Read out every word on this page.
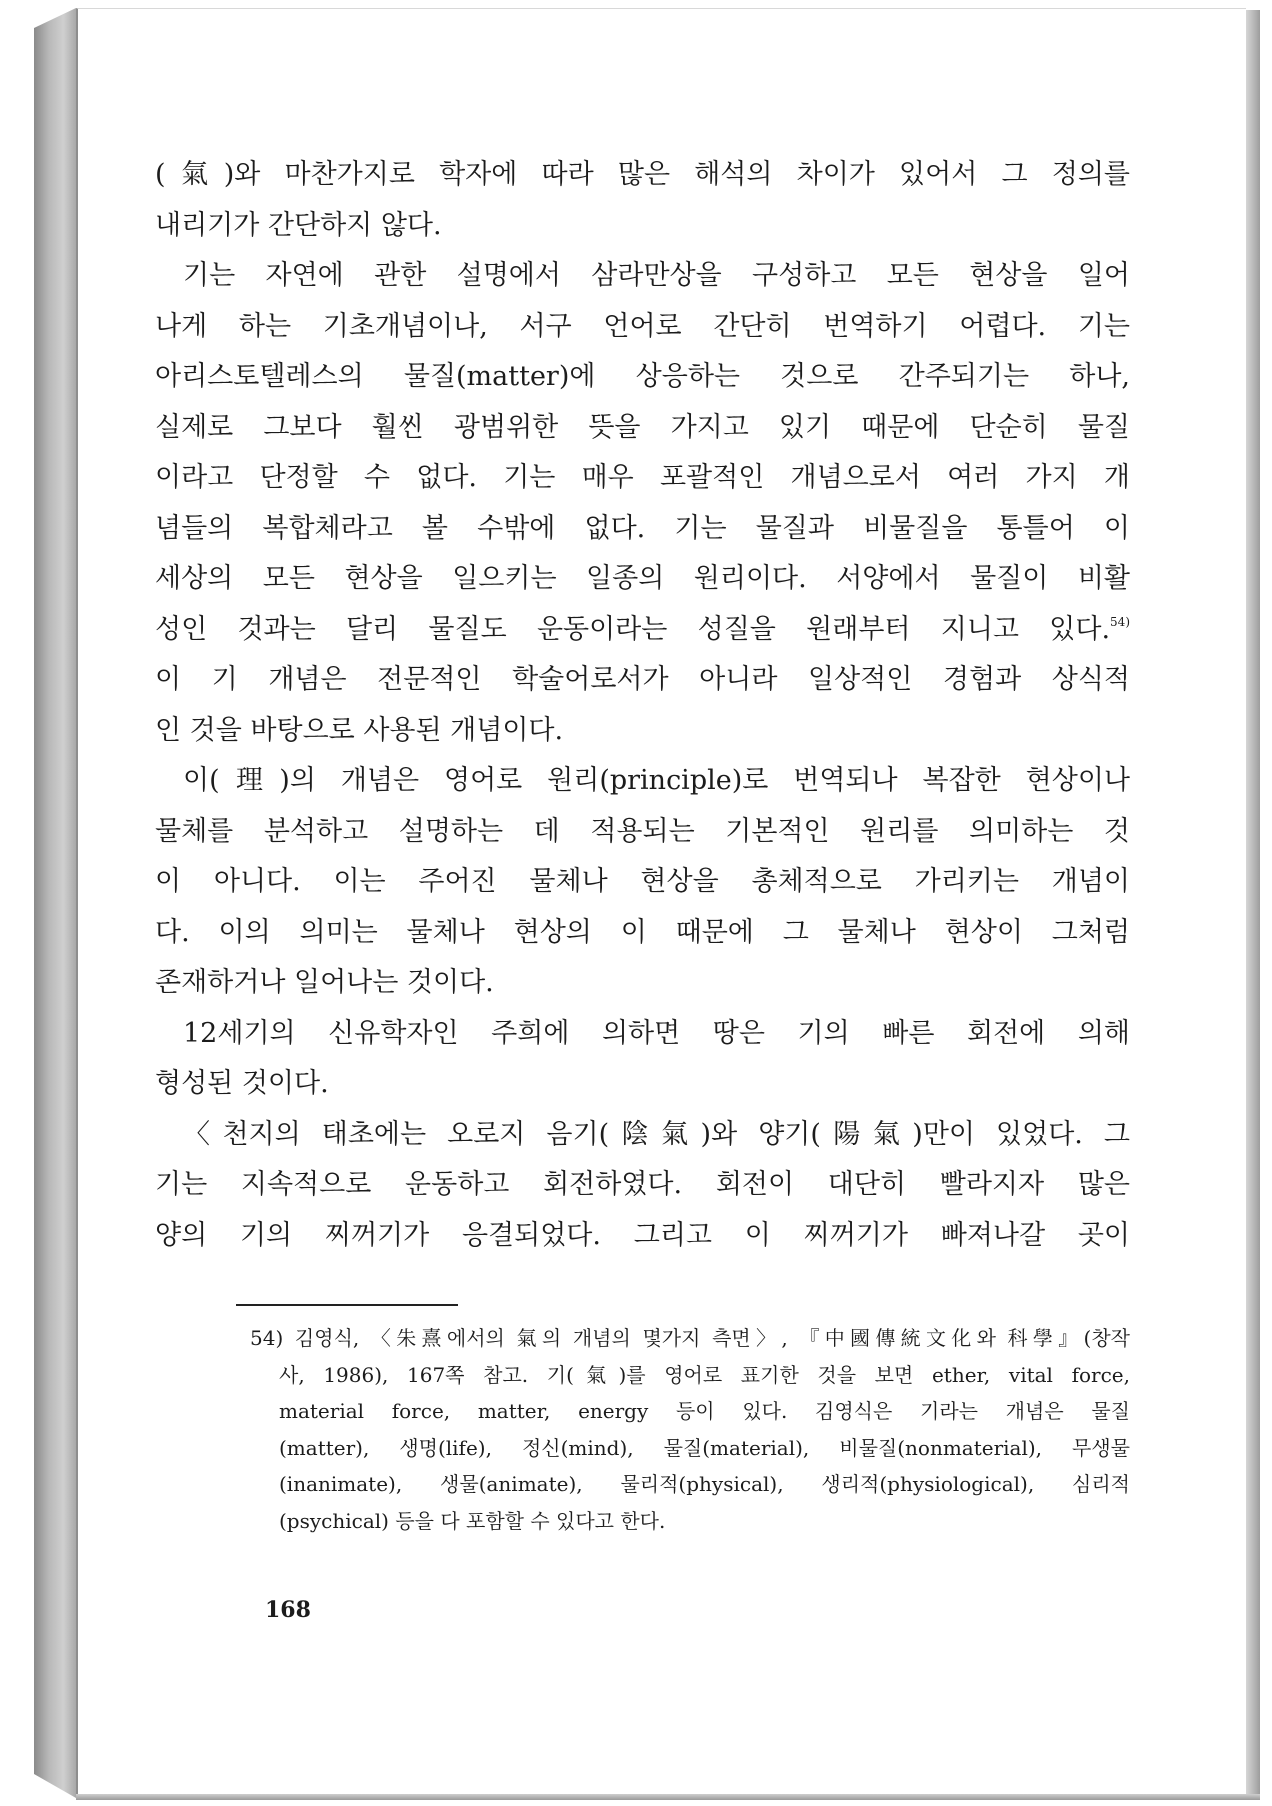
(氣)와 마찬가지로 학자에 따라 많은 해석의 차이가 있어서 그 정의를
내리기가 간단하지 않다.

기는 자연에 관한 설명에서 삼라만상을 구성하고 모든 현상을 일어
나게 하는 기초개념이나, 서구 언어로 간단히 번역하기 어렵다. 기는
아리스토텔레스의 물질(matter)에 상응하는 것으로 간주되기는 하나,
실제로 그보다 훨씬 광범위한 뜻을 가지고 있기 때문에 단순히 물질
이라고 단정할 수 없다. 기는 매우 포괄적인 개념으로서 여러 가지 개
념들의 복합체라고 볼 수밖에 없다. 기는 물질과 비물질을 통틀어 이
세상의 모든 현상을 일으키는 일종의 원리이다. 서양에서 물질이 비활
성인 것과는 달리 물질도 운동이라는 성질을 원래부터 지니고 있다.$^{54)}$
이 기 개념은 전문적인 학술어로서가 아니라 일상적인 경험과 상식적
인 것을 바탕으로 사용된 개념이다.

이(理)의 개념은 영어로 원리(principle)로 번역되나 복잡한 현상이나
물체를 분석하고 설명하는 데 적용되는 기본적인 원리를 의미하는 것
이 아니다. 이는 주어진 물체나 현상을 총체적으로 가리키는 개념이
다. 이의 의미는 물체나 현상의 이 때문에 그 물체나 현상이 그처럼
존재하거나 일어나는 것이다.

12세기의 신유학자인 주희에 의하면 땅은 기의 빠른 회전에 의해
형성된 것이다.

〈천지의 태초에는 오로지 음기(陰氣)와 양기(陽氣)만이 있었다. 그
기는 지속적으로 운동하고 회전하였다. 회전이 대단히 빨라지자 많은
양의 기의 찌꺼기가 응결되었다. 그리고 이 찌꺼기가 빠져나갈 곳이

54) 김영식, 〈朱熹에서의 氣의 개념의 몇가지 측면〉, 『中國傳統文化와 科學』(창작
사, 1986), 167쪽 참고. 기(氣)를 영어로 표기한 것을 보면 ether, vital force,
material force, matter, energy 등이 있다. 김영식은 기라는 개념은 물질
(matter), 생명(life), 정신(mind), 물질(material), 비물질(nonmaterial), 무생물
(inanimate), 생물(animate), 물리적(physical), 생리적(physiological), 심리적
(psychical) 등을 다 포함할 수 있다고 한다.
168
